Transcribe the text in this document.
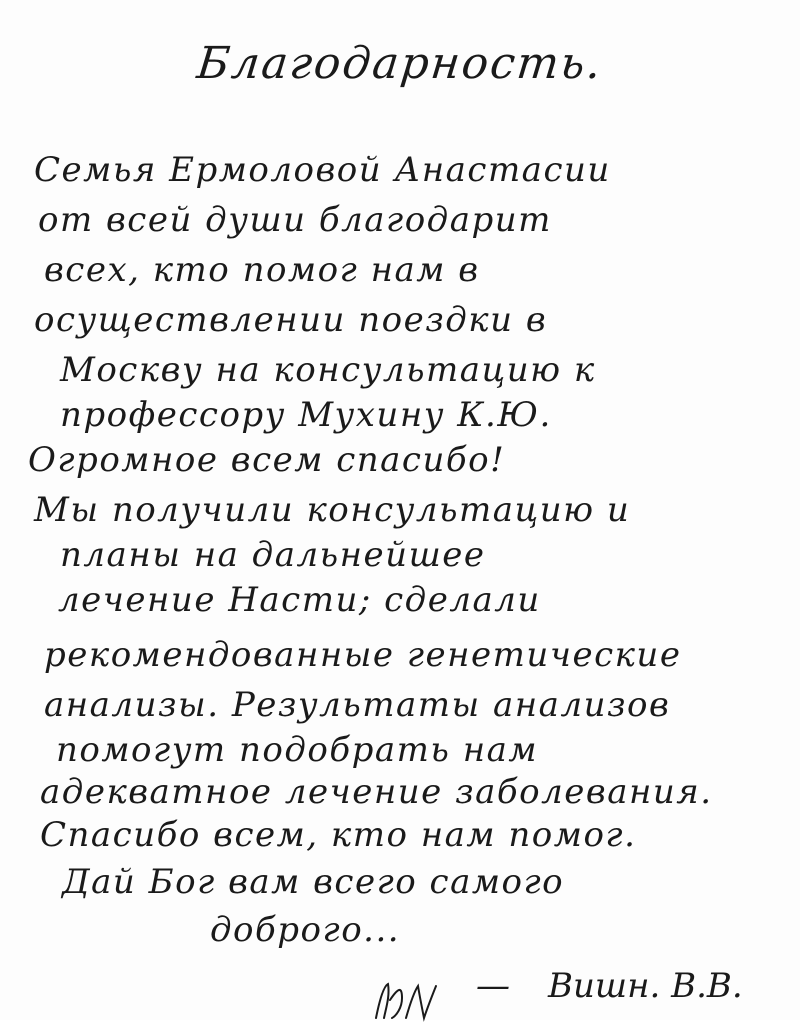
Благодарность.
Семья Ермоловой Анастасии
от всей души благодарит
всех, кто помог нам в
осуществлении поездки в
Москву на консультацию к
профессору Мухину К.Ю.
Огромное всем спасибо!
Мы получили консультацию и
планы на дальнейшее
лечение Насти; сделали
рекомендованные генетические
анализы. Результаты анализов
помогут подобрать нам
адекватное лечение заболевания.
Спасибо всем, кто нам помог.
Дай Бог вам всего самого
доброго...
— Вишн. В.В.
